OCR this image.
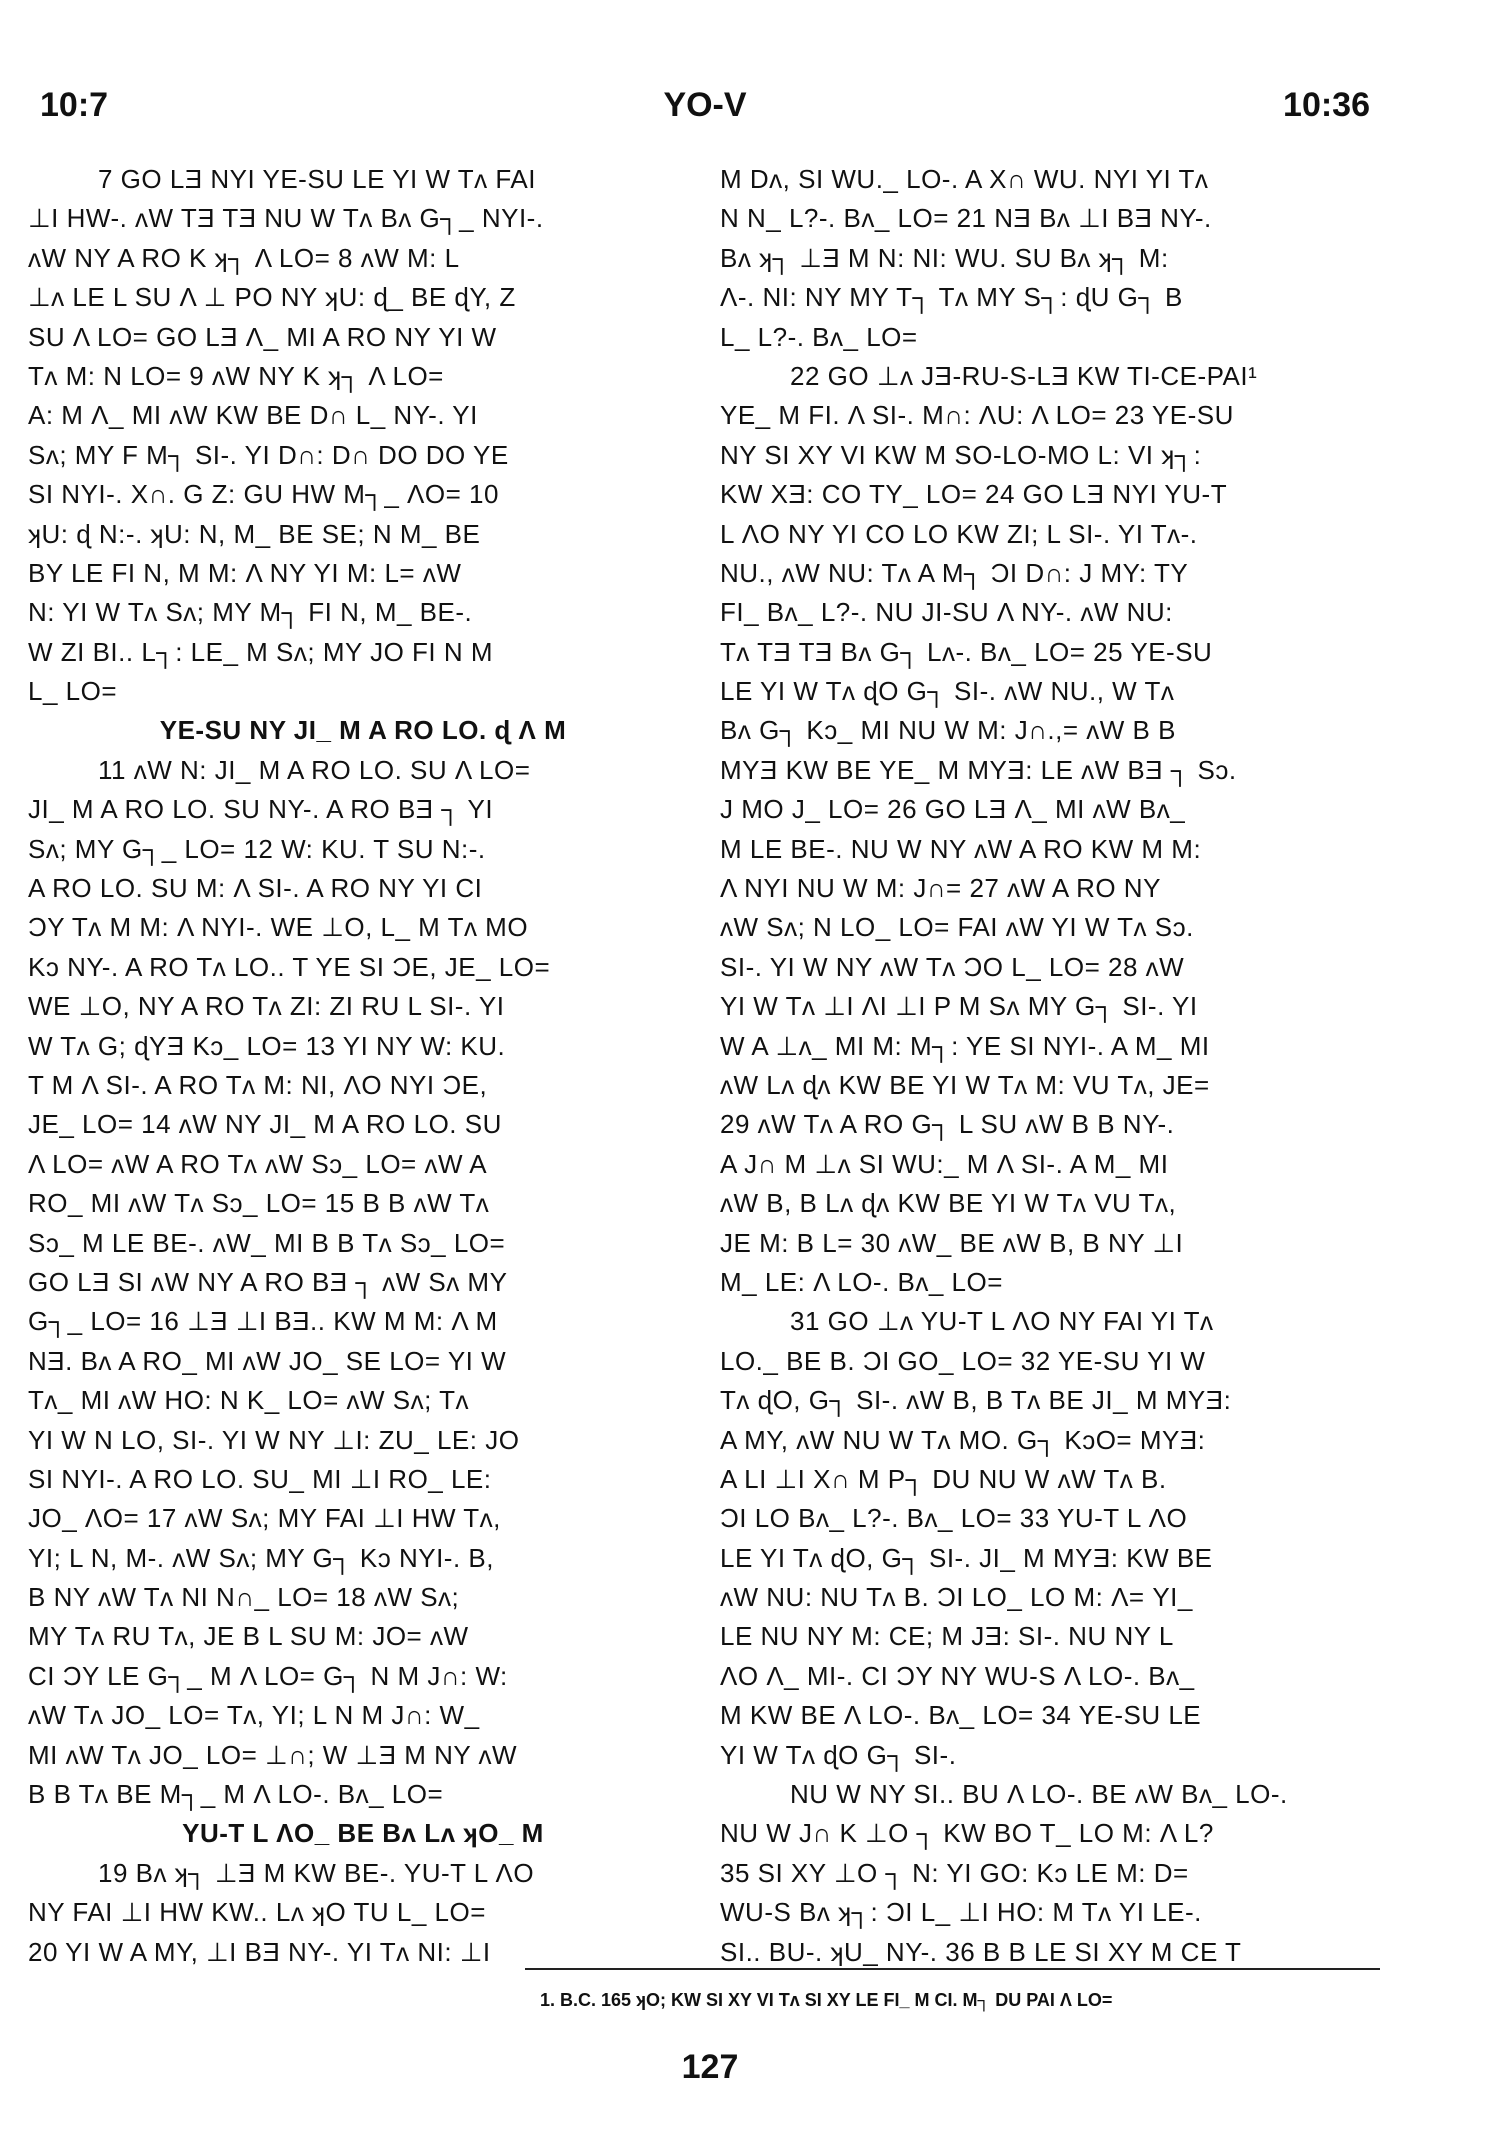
10:7	YO-V	10:36
7 GO LƎ NYI YE-SU LE YI W Tʌ FAI
⊥I HW-. ʌW TƎ TƎ NU W Tʌ Bʌ G┐_ NYI-.
ʌW NY A RO K ʞ┐ Λ LO= 8 ʌW M: L
⊥ʌ LE L SU Λ ⊥ PO NY ʞU: ɖ_ BE ɖY, Z
SU Λ LO= GO LƎ Λ_ MI A RO NY YI W
Tʌ M: N LO= 9 ʌW NY K ʞ┐ Λ LO=
A: M Λ_ MI ʌW KW BE D∩ L_ NY-. YI
Sʌ; MY F M┐ SI-. YI D∩: D∩ DO DO YE
SI NYI-. X∩. G Z: GU HW M┐_ ΛO= 10
ʞU: ɖ N:-. ʞU: N, M_ BE SE; N M_ BE
BY LE FI N, M M: Λ NY YI M: L= ʌW
N: YI W Tʌ Sʌ; MY M┐ FI N, M_ BE-.
W ZI BI.. L┐: LE_ M Sʌ; MY JO FI N M
L_ LO=
YE-SU NY JI_ M A RO LO. ɖ Λ M
11 ʌW N: JI_ M A RO LO. SU Λ LO=
JI_ M A RO LO. SU NY-. A RO BƎ ┐ YI
Sʌ; MY G┐_ LO= 12 W: KU. T SU N:-.
A RO LO. SU M: Λ SI-. A RO NY YI CI
ƆY Tʌ M M: Λ NYI-. WE ⊥O, L_ M Tʌ MO
Kɔ NY-. A RO Tʌ LO.. T YE SI ƆE, JE_ LO=
WE ⊥O, NY A RO Tʌ ZI: ZI RU L SI-. YI
W Tʌ G; ɖYƎ Kɔ_ LO= 13 YI NY W: KU.
T M Λ SI-. A RO Tʌ M: NI, ΛO NYI ƆE,
JE_ LO= 14 ʌW NY JI_ M A RO LO. SU
Λ LO= ʌW A RO Tʌ ʌW Sɔ_ LO= ʌW A
RO_ MI ʌW Tʌ Sɔ_ LO= 15 B B ʌW Tʌ
Sɔ_ M LE BE-. ʌW_ MI B B Tʌ Sɔ_ LO=
GO LƎ SI ʌW NY A RO BƎ ┐ ʌW Sʌ MY
G┐_ LO= 16 ⊥Ǝ ⊥I BƎ.. KW M M: Λ M
NƎ. Bʌ A RO_ MI ʌW JO_ SE LO= YI W
Tʌ_ MI ʌW HO: N K_ LO= ʌW Sʌ; Tʌ
YI W N LO, SI-. YI W NY ⊥I: ZU_ LE: JO
SI NYI-. A RO LO. SU_ MI ⊥I RO_ LE:
JO_ ΛO= 17 ʌW Sʌ; MY FAI ⊥I HW Tʌ,
YI; L N, M-. ʌW Sʌ; MY G┐ Kɔ NYI-. B,
B NY ʌW Tʌ NI N∩_ LO= 18 ʌW Sʌ;
MY Tʌ RU Tʌ, JE B L SU M: JO= ʌW
CI ƆY LE G┐_ M Λ LO= G┐ N M J∩: W:
ʌW Tʌ JO_ LO= Tʌ, YI; L N M J∩: W_
MI ʌW Tʌ JO_ LO= ⊥∩; W ⊥Ǝ M NY ʌW
B B Tʌ BE M┐_ M Λ LO-. Bʌ_ LO=
YU-T L ɅO_ BE Bʌ Lʌ ʞO_ M
19 Bʌ ʞ┐ ⊥Ǝ M KW BE-. YU-T L ɅO
NY FAI ⊥I HW KW.. Lʌ ʞO TU L_ LO=
20 YI W A MY, ⊥I BƎ NY-. YI Tʌ NI: ⊥I
M Dʌ, SI WU._ LO-. A X∩ WU. NYI YI Tʌ
N N_ L?-. Bʌ_ LO= 21 NƎ Bʌ ⊥I BƎ NY-.
Bʌ ʞ┐ ⊥Ǝ M N: NI: WU. SU Bʌ ʞ┐ M:
Λ-. NI: NY MY T┐ Tʌ MY S┐: ɖU G┐ B
L_ L?-. Bʌ_ LO=
22 GO ⊥ʌ JƎ-RU-S-LƎ KW TI-CE-PAI¹
YE_ M FI. Λ SI-. M∩: ɅU: Λ LO= 23 YE-SU
NY SI XY VI KW M SO-LO-MO L: VI ʞ┐:
KW XƎ: CO TY_ LO= 24 GO LƎ NYI YU-T
L ɅO NY YI CO LO KW ZI; L SI-. YI Tʌ-.
NU., ʌW NU: Tʌ A M┐ ƆI D∩: J MY: TY
FI_ Bʌ_ L?-. NU JI-SU Λ NY-. ʌW NU:
Tʌ TƎ TƎ Bʌ G┐ Lʌ-. Bʌ_ LO= 25 YE-SU
LE YI W Tʌ ɖO G┐ SI-. ʌW NU., W Tʌ
Bʌ G┐ Kɔ_ MI NU W M: J∩.,= ʌW B B
MYƎ KW BE YE_ M MYƎ: LE ʌW BƎ ┐ Sɔ.
J MO J_ LO= 26 GO LƎ Λ_ MI ʌW Bʌ_
M LE BE-. NU W NY ʌW A RO KW M M:
Λ NYI NU W M: J∩= 27 ʌW A RO NY
ʌW Sʌ; N LO_ LO= FAI ʌW YI W Tʌ Sɔ.
SI-. YI W NY ʌW Tʌ ƆO L_ LO= 28 ʌW
YI W Tʌ ⊥I ɅI ⊥I P M Sʌ MY G┐ SI-. YI
W A ⊥ʌ_ MI M: M┐: YE SI NYI-. A M_ MI
ʌW Lʌ ɖʌ KW BE YI W Tʌ M: VU Tʌ, JE=
29 ʌW Tʌ A RO G┐ L SU ʌW B B NY-.
A J∩ M ⊥ʌ SI WU:_ M Λ SI-. A M_ MI
ʌW B, B Lʌ ɖʌ KW BE YI W Tʌ VU Tʌ,
JE M: B L= 30 ʌW_ BE ʌW B, B NY ⊥I
M_ LE: Λ LO-. Bʌ_ LO=
31 GO ⊥ʌ YU-T L ɅO NY FAI YI Tʌ
LO._ BE B. ƆI GO_ LO= 32 YE-SU YI W
Tʌ ɖO, G┐ SI-. ʌW B, B Tʌ BE JI_ M MYƎ:
A MY, ʌW NU W Tʌ MO. G┐ KɔO= MYƎ:
A LI ⊥I X∩ M P┐ DU NU W ʌW Tʌ B.
ƆI LO Bʌ_ L?-. Bʌ_ LO= 33 YU-T L ɅO
LE YI Tʌ ɖO, G┐ SI-. JI_ M MYƎ: KW BE
ʌW NU: NU Tʌ B. ƆI LO_ LO M: Λ= YI_
LE NU NY M: CE; M JƎ: SI-. NU NY L
ɅO Λ_ MI-. CI ƆY NY WU-S Λ LO-. Bʌ_
M KW BE Λ LO-. Bʌ_ LO= 34 YE-SU LE
YI W Tʌ ɖO G┐ SI-.
NU W NY SI.. BU Λ LO-. BE ʌW Bʌ_ LO-.
NU W J∩ K ⊥O ┐ KW BO T_ LO M: Λ L?
35 SI XY ⊥O ┐ N: YI GO: Kɔ LE M: D=
WU-S Bʌ ʞ┐: ƆI L_ ⊥I HO: M Tʌ YI LE-.
SI.. BU-. ʞU_ NY-. 36 B B LE SI XY M CE T
1. B.C. 165 ʞO; KW SI XY VI Tʌ SI XY LE FI_ M CI. M┐ DU PAI Λ LO=
127
